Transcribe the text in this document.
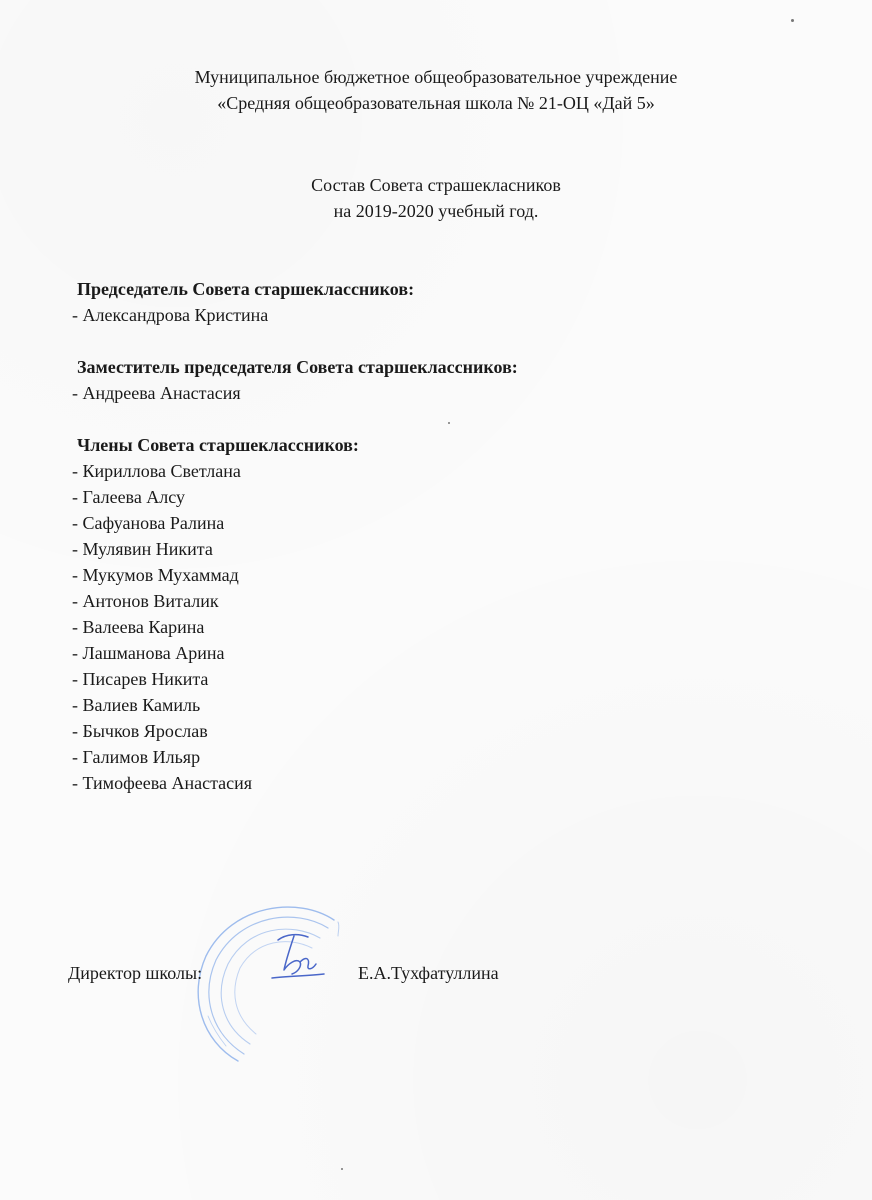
Муниципальное бюджетное общеобразовательное учреждение
«Средняя общеобразовательная школа № 21-ОЦ «Дай 5»
Состав Совета страшекласников
на 2019-2020 учебный год.
Председатель Совета старшеклассников:
- Александрова Кристина
Заместитель председателя Совета старшеклассников:
- Андреева Анастасия
Члены Совета старшеклассников:
- Кириллова Светлана
- Галеева Алсу
- Сафуанова Ралина
- Мулявин Никита
- Мукумов Мухаммад
- Антонов Виталик
- Валеева Карина
- Лашманова Арина
- Писарев Никита
- Валиев Камиль
- Бычков Ярослав
- Галимов Ильяр
- Тимофеева Анастасия
Директор школы:	Е.А.Тухфатуллина
